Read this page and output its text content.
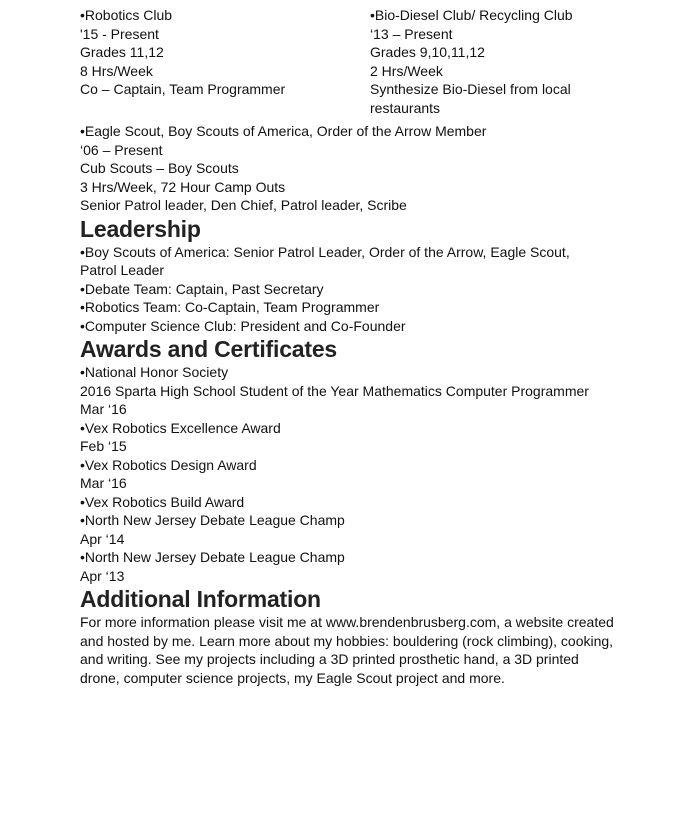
•Robotics Club

'15 - Present

Grades 11,12

8 Hrs/Week

Co – Captain, Team Programmer

•Bio-Diesel Club/ Recycling Club

‘13 – Present

Grades 9,10,11,12

2 Hrs/Week

Synthesize Bio-Diesel from local restaurants

•Eagle Scout, Boy Scouts of America, Order of the Arrow Member

‘06 – Present

Cub Scouts – Boy Scouts

3 Hrs/Week, 72 Hour Camp Outs

Senior Patrol leader, Den Chief, Patrol leader, Scribe

Leadership

•Boy Scouts of America: Senior Patrol Leader, Order of the Arrow, Eagle Scout, Patrol Leader

•Debate Team: Captain, Past Secretary

•Robotics Team: Co-Captain, Team Programmer

•Computer Science Club: President and Co-Founder

Awards and Certificates

•National Honor Society

2016 Sparta High School Student of the Year Mathematics Computer Programmer

Mar ‘16

•Vex Robotics Excellence Award

Feb ‘15

•Vex Robotics Design Award

Mar ‘16

•Vex Robotics Build Award

•North New Jersey Debate League Champ

Apr ‘14

•North New Jersey Debate League Champ

Apr ‘13

Additional Information

For more information please visit me at www.brendenbrusberg.com, a website created and hosted by me. Learn more about my hobbies: bouldering (rock climbing), cooking, and writing. See my projects including a 3D printed prosthetic hand, a 3D printed drone, computer science projects, my Eagle Scout project and more.
